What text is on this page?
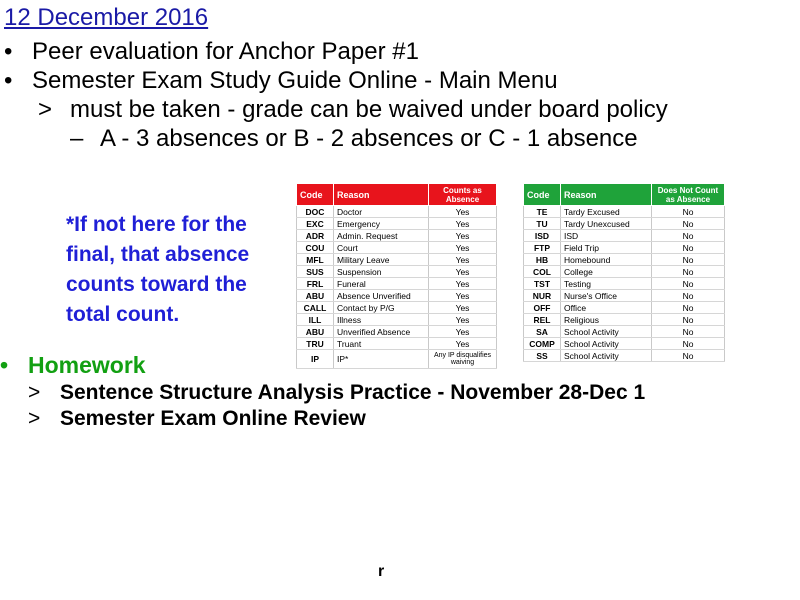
12 December 2016
• Peer evaluation for Anchor Paper #1
• Semester Exam Study Guide Online - Main Menu
> must be taken - grade can be waived under board policy
– A - 3 absences or B - 2 absences or C - 1 absence
*If not here for the final, that absence counts toward the total count.
Code	Reason	Counts as Absence
DOC	Doctor	Yes
EXC	Emergency	Yes
ADR	Admin. Request	Yes
COU	Court	Yes
MFL	Military Leave	Yes
SUS	Suspension	Yes
FRL	Funeral	Yes
ABU	Absence Unverified	Yes
CALL	Contact by P/G	Yes
ILL	Illness	Yes
ABU	Unverified Absence	Yes
TRU	Truant	Yes
IP	IP*	Any IP disqualifies waiving
Code	Reason	Does Not Count as Absence
TE	Tardy Excused	No
TU	Tardy Unexcused	No
ISD	ISD	No
FTP	Field Trip	No
HB	Homebound	No
COL	College	No
TST	Testing	No
NUR	Nurse's Office	No
OFF	Office	No
REL	Religious	No
SA	School Activity	No
COMP	School Activity	No
SS	School Activity	No
• Homework
> Sentence Structure Analysis Practice - November 28-Dec 1
> Semester Exam Online Review
r
